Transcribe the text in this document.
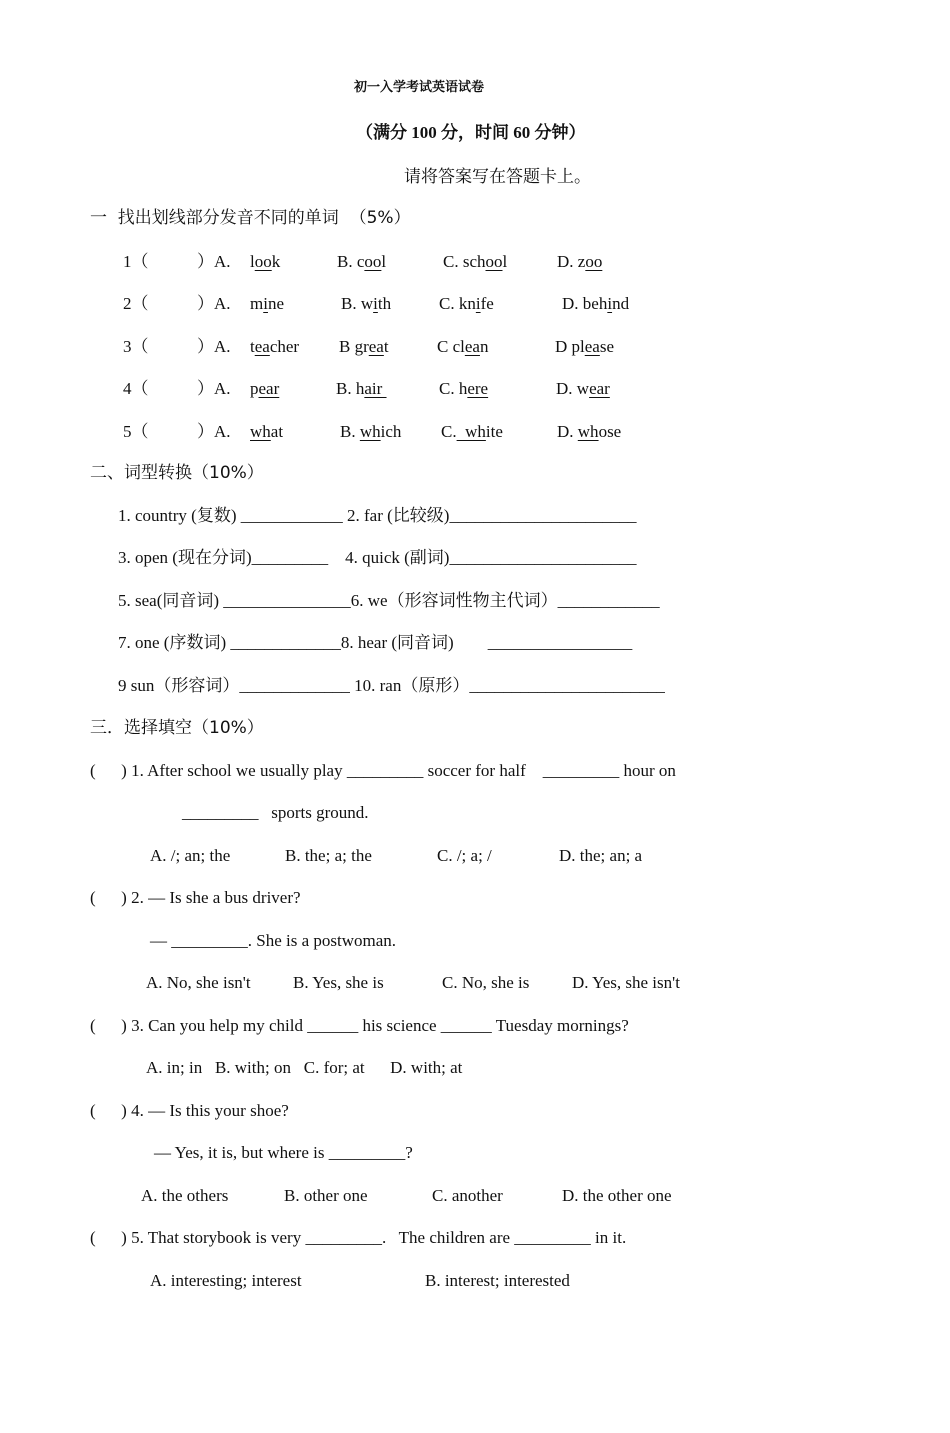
初一入学考试英语试卷
（满分 100 分，时间 60 分钟）
请将答案写在答题卡上。
一  找出划线部分发音不同的单词  （5%）
1（	）A. look	B. cool	C. school	D. zoo
2（	）A. mine	B. with	C. knife	D. behind
3（	）A. teacher B great	C clean	D please
4（	）A. pear	B. hair	C. here	D. wear
5（	）A. what	B. which C.  white	D. whose
二、词型转换（10%）
1. country (复数) ____________ 2. far (比较级)______________________
3. open (现在分词)_________    4. quick (副词)______________________
5. sea(同音词) _______________6. we（形容词性物主代词）____________
7. one (序数词) _____________8. hear (同音词)        _________________
9 sun（形容词）_____________ 10. ran（原形）_______________________
三．选择填空（10%）
(      ) 1. After school we usually play _________ soccer for half    _________ hour on
_________   sports ground.
A. /; an; the	B. the; a; the	C. /; a; /	D. the; an; a
(      ) 2. — Is she a bus driver?
— _________. She is a postwoman.
A. No, she isn't B. Yes, she is	C. No, she is	D. Yes, she isn't
(      ) 3. Can you help my child ______ his science ______ Tuesday mornings?
A. in; in   B. with; on   C. for; at      D. with; at
(      ) 4. — Is this your shoe?
— Yes, it is, but where is _________?
A. the others	B. other one	C. another	D. the other one
(      ) 5. That storybook is very _________.   The children are _________ in it.
A. interesting; interest	B. interest; interested
